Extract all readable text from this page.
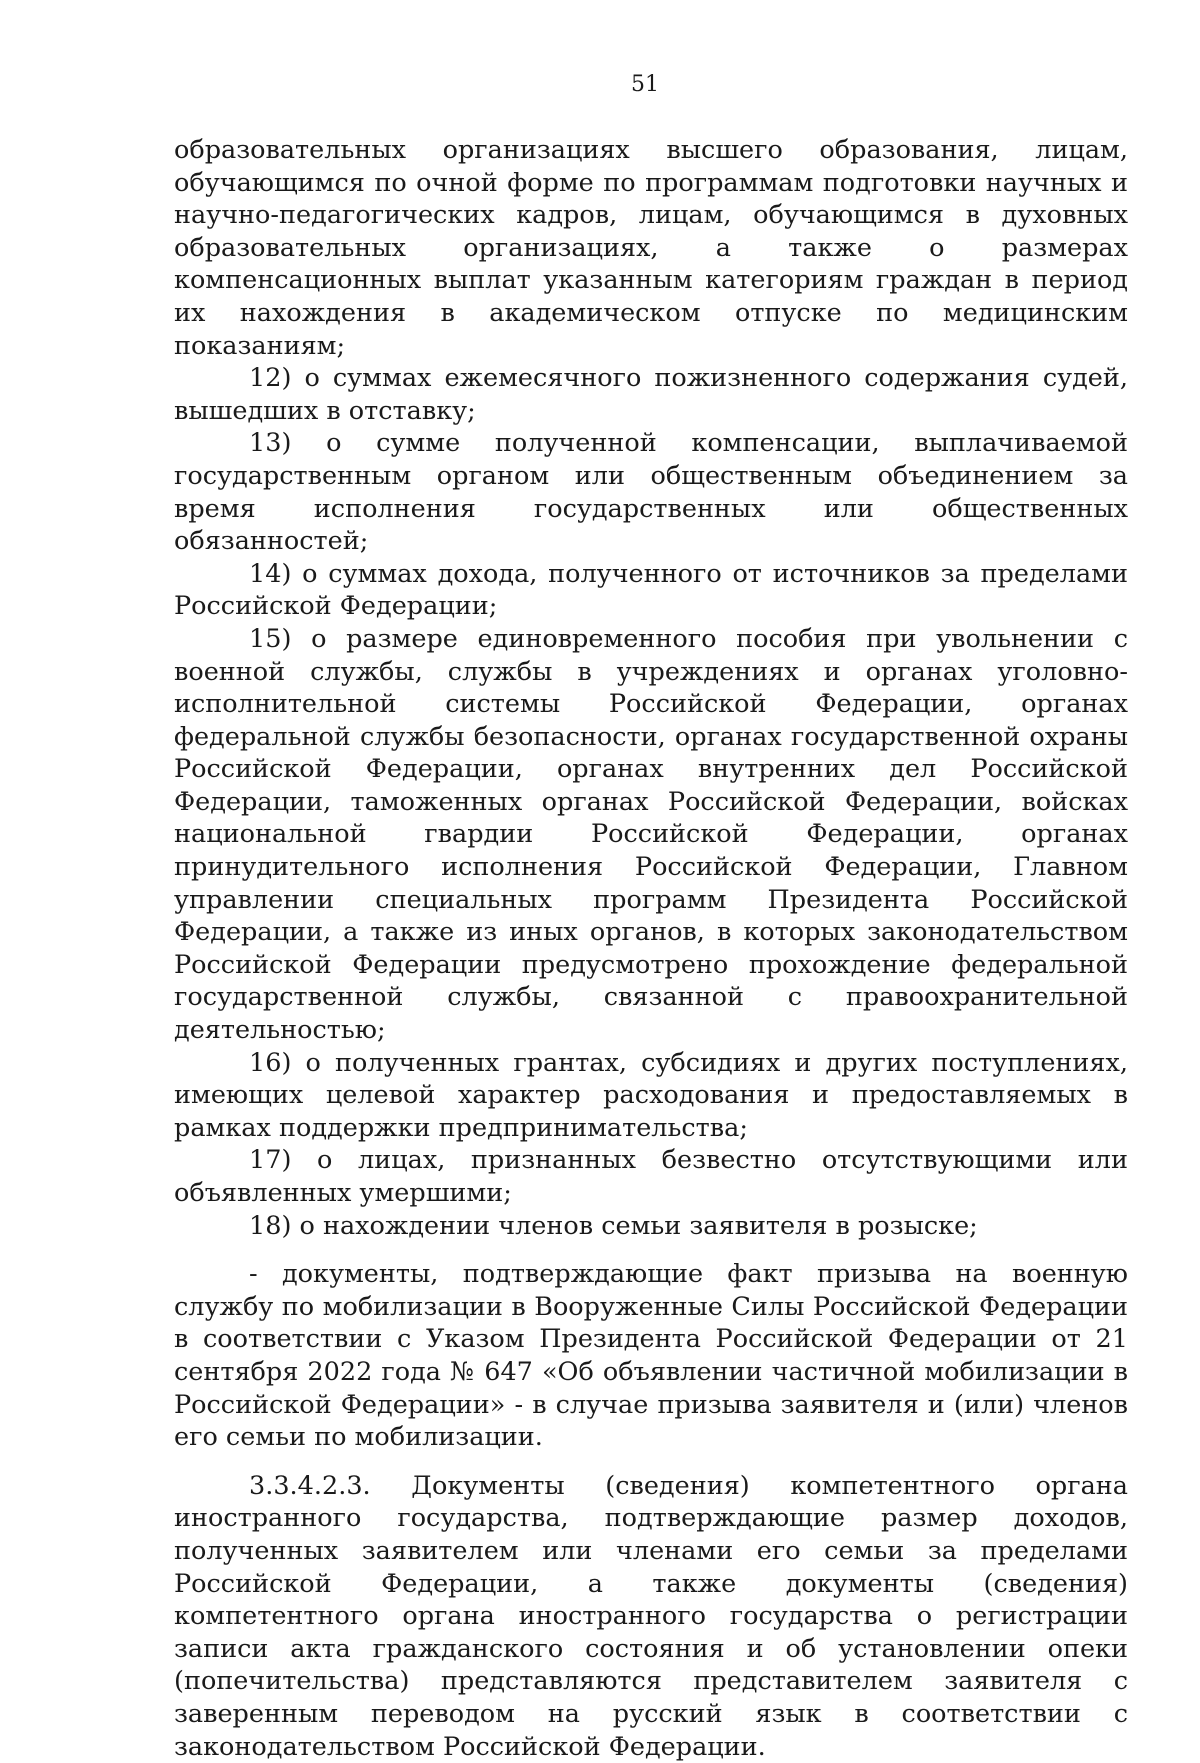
51

образовательных организациях высшего образования, лицам, обучающимся по очной форме по программам подготовки научных и научно-педагогических кадров, лицам, обучающимся в духовных образовательных организациях, а также о размерах компенсационных выплат указанным категориям граждан в период их нахождения в академическом отпуске по медицинским показаниям;

12) о суммах ежемесячного пожизненного содержания судей, вышедших в отставку;

13) о сумме полученной компенсации, выплачиваемой государственным органом или общественным объединением за время исполнения государственных или общественных обязанностей;

14) о суммах дохода, полученного от источников за пределами Российской Федерации;

15) о размере единовременного пособия при увольнении с военной службы, службы в учреждениях и органах уголовно-исполнительной системы Российской Федерации, органах федеральной службы безопасности, органах государственной охраны Российской Федерации, органах внутренних дел Российской Федерации, таможенных органах Российской Федерации, войсках национальной гвардии Российской Федерации, органах принудительного исполнения Российской Федерации, Главном управлении специальных программ Президента Российской Федерации, а также из иных органов, в которых законодательством Российской Федерации предусмотрено прохождение федеральной государственной службы, связанной с правоохранительной деятельностью;

16) о полученных грантах, субсидиях и других поступлениях, имеющих целевой характер расходования и предоставляемых в рамках поддержки предпринимательства;

17) о лицах, признанных безвестно отсутствующими или объявленных умершими;

18) о нахождении членов семьи заявителя в розыске;

- документы, подтверждающие факт призыва на военную службу по мобилизации в Вооруженные Силы Российской Федерации в соответствии с Указом Президента Российской Федерации от 21 сентября 2022 года № 647 «Об объявлении частичной мобилизации в Российской Федерации» - в случае призыва заявителя и (или) членов его семьи по мобилизации.

3.3.4.2.3. Документы (сведения) компетентного органа иностранного государства, подтверждающие размер доходов, полученных заявителем или членами его семьи за пределами Российской Федерации, а также документы (сведения) компетентного органа иностранного государства о регистрации записи акта гражданского состояния и об установлении опеки (попечительства) представляются представителем заявителя с заверенным переводом на русский язык в соответствии с законодательством Российской Федерации.
